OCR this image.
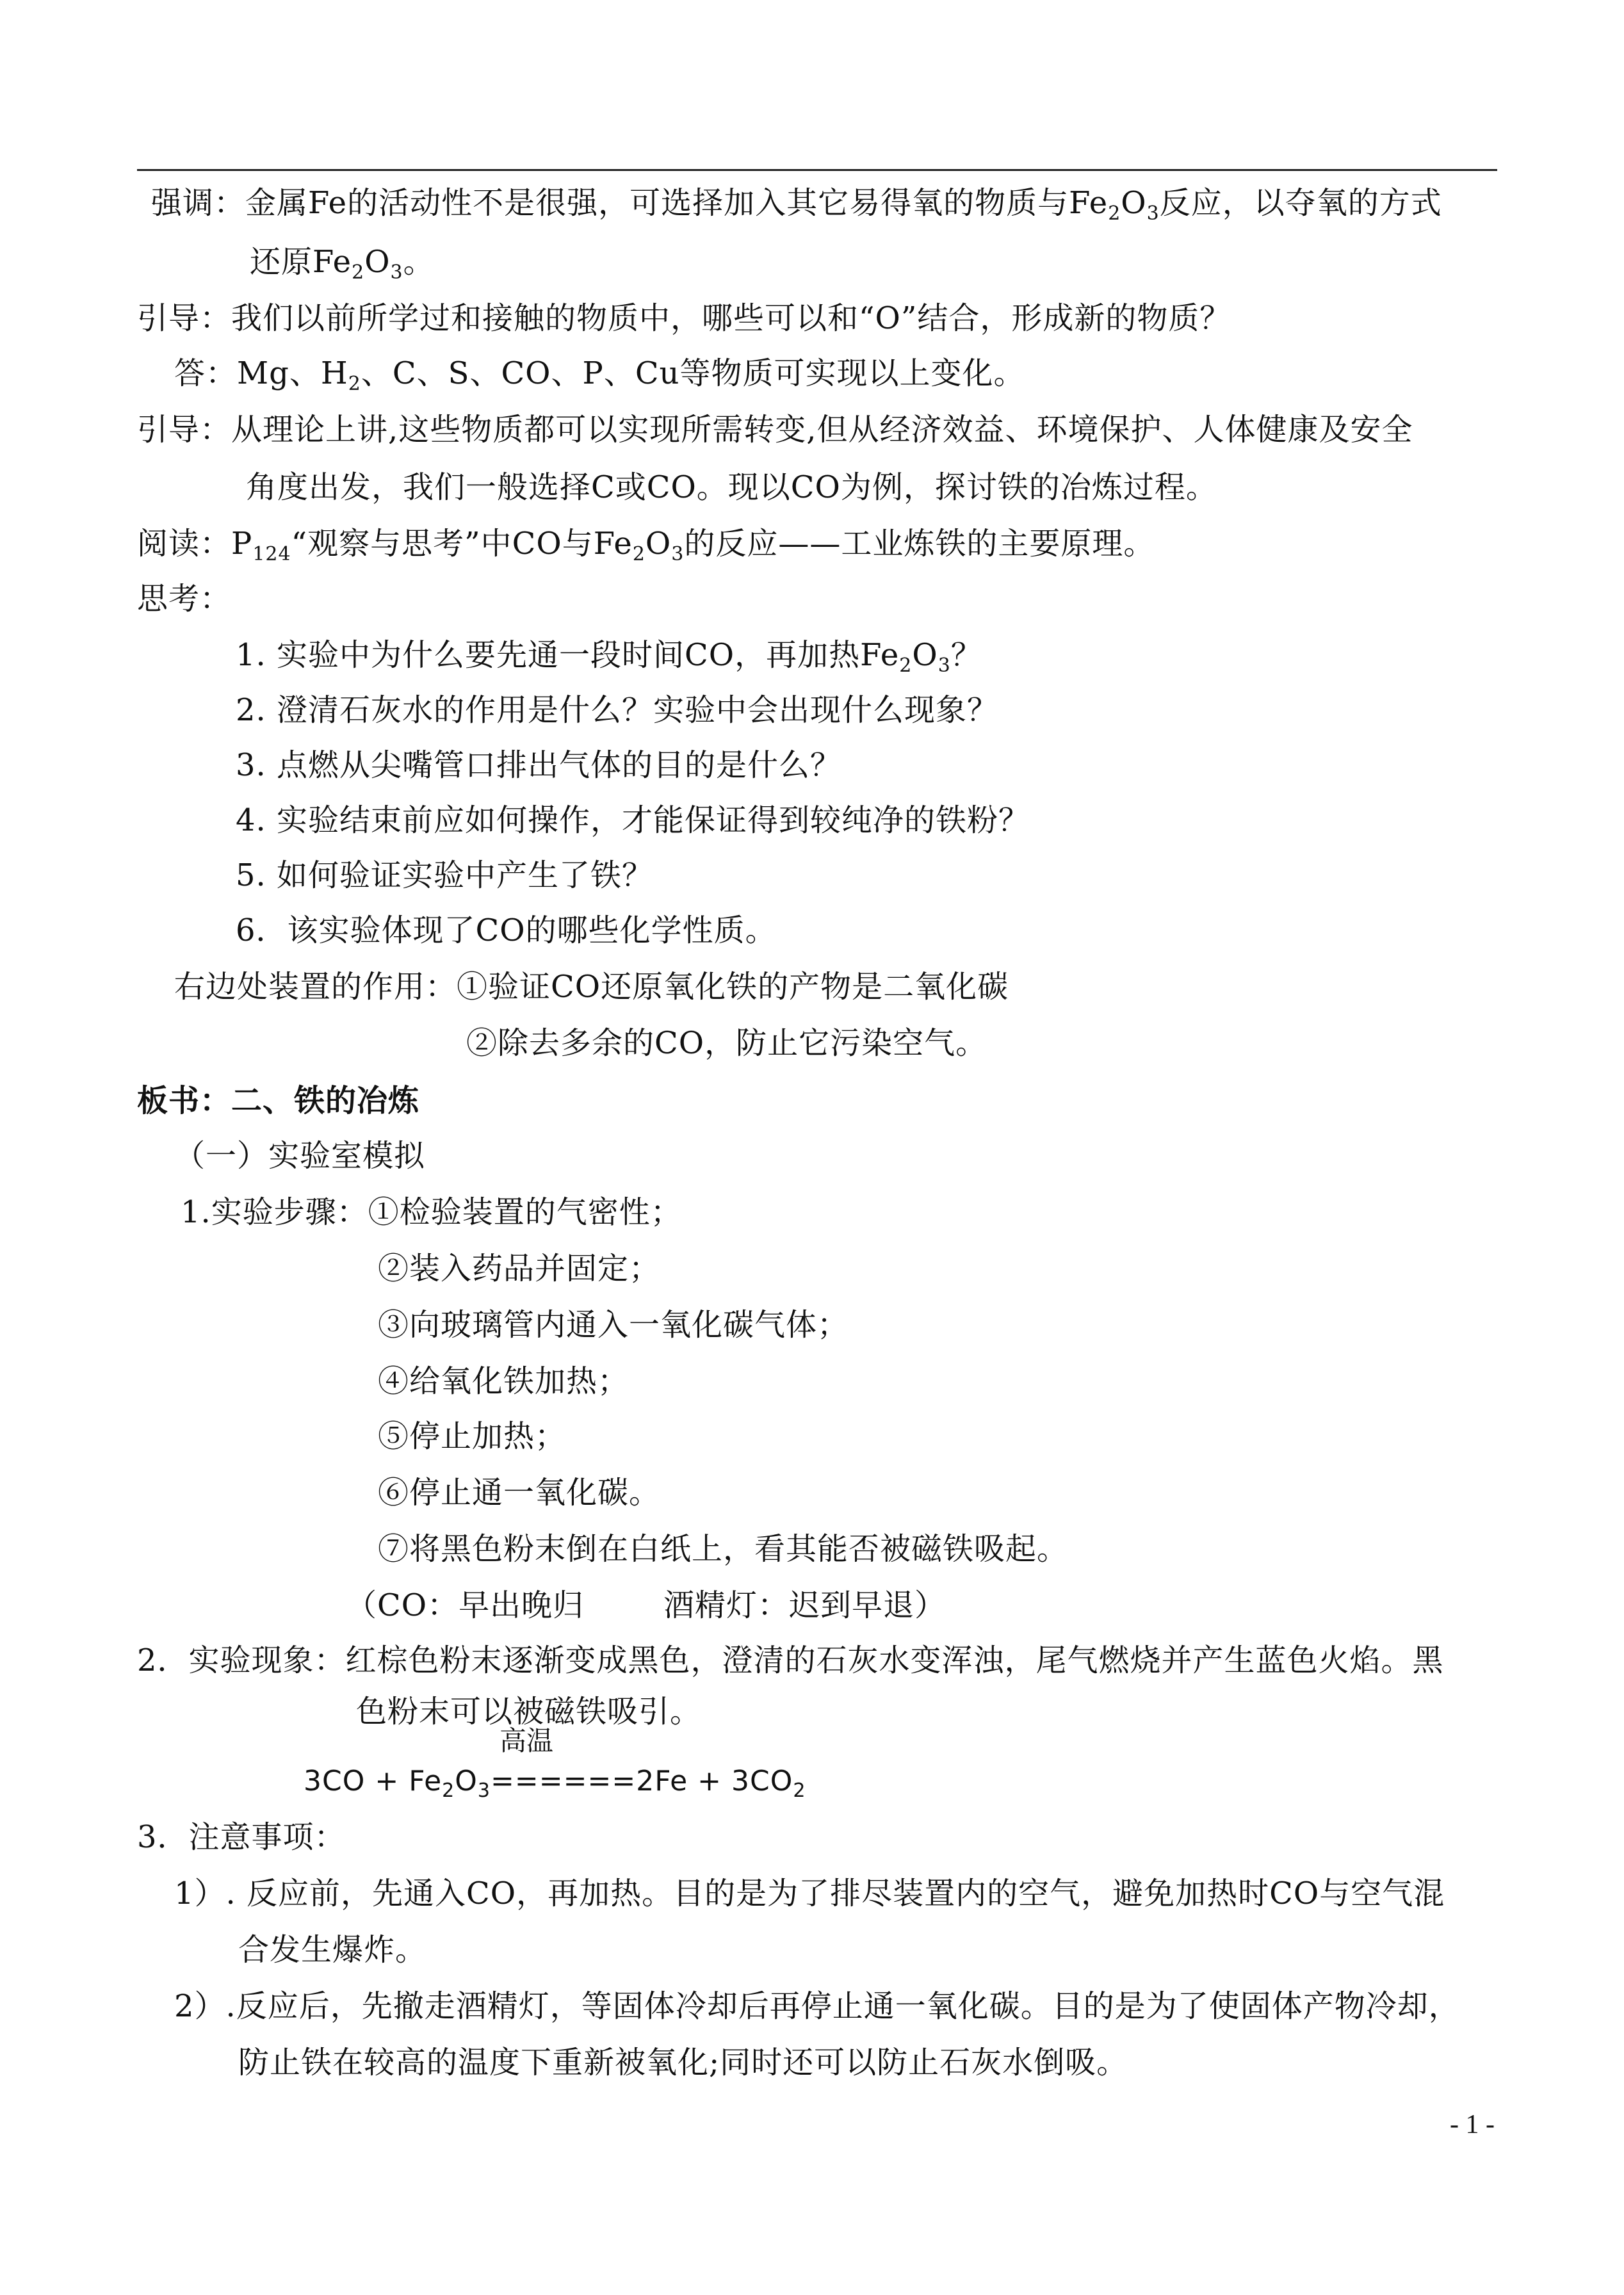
强调：金属Fe的活动性不是很强，可选择加入其它易得氧的物质与$Fe_2O_3$反应，以夺氧的方式
还原$Fe_2O_3$。
引导：我们以前所学过和接触的物质中，哪些可以和“O”结合，形成新的物质？
答：Mg、$H_2$、C、S、CO、P、Cu等物质可实现以上变化。
引导：从理论上讲,这些物质都可以实现所需转变,但从经济效益、环境保护、人体健康及安全
角度出发，我们一般选择C或CO。现以CO为例，探讨铁的冶炼过程。
阅读：$P_{124}“$观察与思考”中CO与$Fe_2O_3$的反应——工业炼铁的主要原理。
思考：
1. 实验中为什么要先通一段时间CO，再加热$Fe_2O_3$？
2. 澄清石灰水的作用是什么？实验中会出现什么现象？
3. 点燃从尖嘴管口排出气体的目的是什么？
4. 实验结束前应如何操作，才能保证得到较纯净的铁粉？
5. 如何验证实验中产生了铁？
6．该实验体现了CO的哪些化学性质。
右边处装置的作用：①验证CO还原氧化铁的产物是二氧化碳
②除去多余的CO，防止它污染空气。
板书：二、铁的冶炼
（一）实验室模拟
1.实验步骤：①检验装置的气密性；
②装入药品并固定；
③向玻璃管内通入一氧化碳气体；
④给氧化铁加热；
⑤停止加热；
⑥停止通一氧化碳。
⑦将黑色粉末倒在白纸上，看其能否被磁铁吸起。
（CO：早出晚归	酒精灯：迟到早退）
2．实验现象：红棕色粉末逐渐变成黑色，澄清的石灰水变浑浊，尾气燃烧并产生蓝色火焰。黑
色粉末可以被磁铁吸引。
高温
$3CO + Fe_2O_3======2Fe + 3CO_2$
3．注意事项：
1）. 反应前，先通入CO，再加热。目的是为了排尽装置内的空气，避免加热时CO与空气混
合发生爆炸。
2）.反应后，先撤走酒精灯，等固体冷却后再停止通一氧化碳。目的是为了使固体产物冷却，
防止铁在较高的温度下重新被氧化;同时还可以防止石灰水倒吸。
- 1 -
